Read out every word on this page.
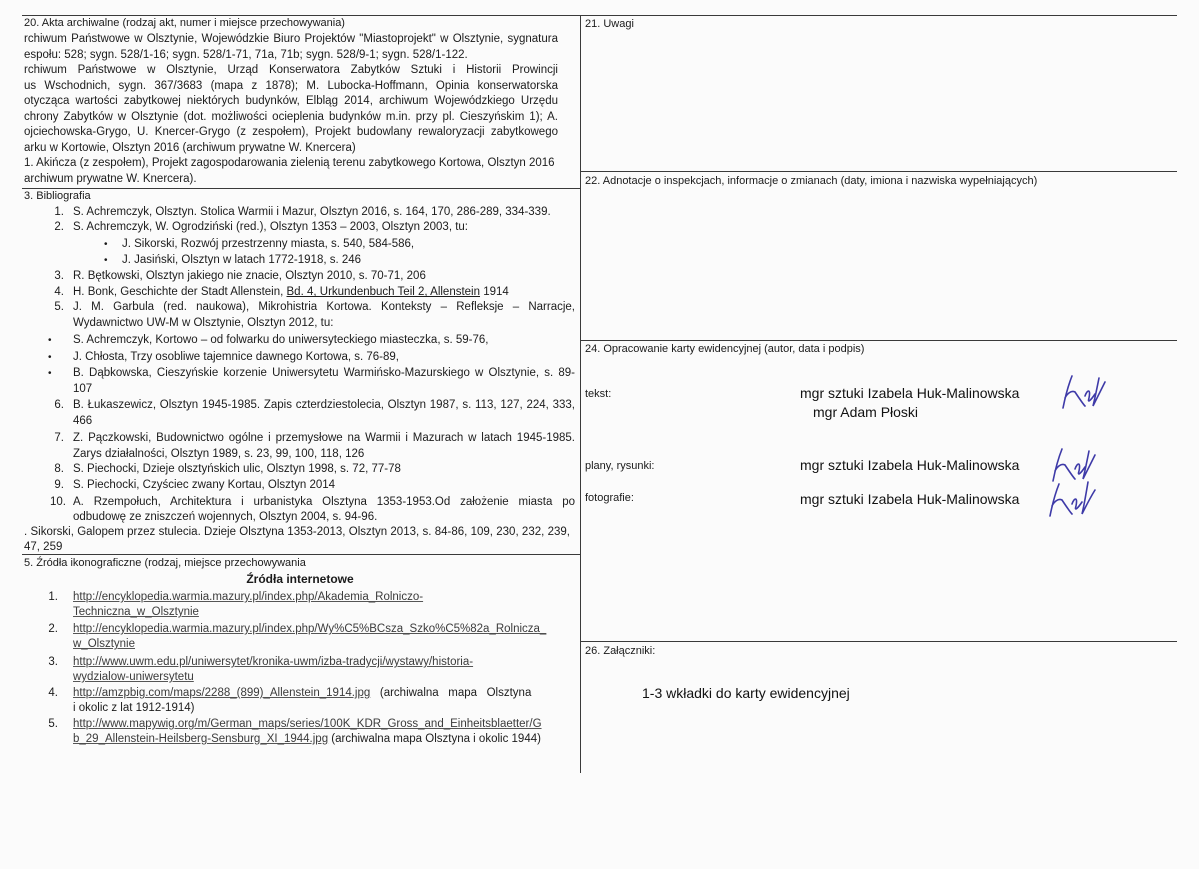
20. Akta archiwalne (rodzaj akt, numer i miejsce przechowywania)
rchiwum Państwowe w Olsztynie, Wojewódzkie Biuro Projektów "Miastoprojekt" w Olsztynie, sygnatura
espołu: 528; sygn. 528/1-16; sygn. 528/1-71, 71a, 71b; sygn. 528/9-1; sygn. 528/1-122.
rchiwum Państwowe w Olsztynie, Urząd Konserwatora Zabytków Sztuki i Historii Prowincji
us Wschodnich, sygn. 367/3683 (mapa z 1878); M. Lubocka-Hoffmann, Opinia konserwatorska
otycząca wartości zabytkowej niektórych budynków, Elbląg 2014, archiwum Wojewódzkiego Urzędu
chrony Zabytków w Olsztynie (dot. możliwości ocieplenia budynków m.in. przy pl. Cieszyńskim 1); A.
ojciechowska-Grygo, U. Knercer-Grygo (z zespołem), Projekt budowlany rewaloryzacji zabytkowego
arku w Kortowie, Olsztyn 2016 (archiwum prywatne W. Knercera)
1. Akińcza (z zespołem), Projekt zagospodarowania zielenią terenu zabytkowego Kortowa, Olsztyn 2016
archiwum prywatne W. Knercera).
3. Bibliografia
1. S. Achremczyk, Olsztyn. Stolica Warmii i Mazur, Olsztyn 2016, s. 164, 170, 286-289, 334-339.
2. S. Achremczyk, W. Ogrodziński (red.), Olsztyn 1353 – 2003, Olsztyn 2003, tu:
• J. Sikorski, Rozwój przestrzenny miasta, s. 540, 584-586,
• J. Jasiński, Olsztyn w latach 1772-1918, s. 246
3. R. Bętkowski, Olsztyn jakiego nie znacie, Olsztyn 2010, s. 70-71, 206
4. H. Bonk, Geschichte der Stadt Allenstein, Bd. 4, Urkundenbuch Teil 2, Allenstein 1914
5. J. M. Garbula (red. naukowa), Mikrohistria Kortowa. Konteksty – Refleksje – Narracje,
Wydawnictwo UW-M w Olsztynie, Olsztyn 2012, tu:
• S. Achremczyk, Kortowo – od folwarku do uniwersyteckiego miasteczka, s. 59-76,
• J. Chłosta, Trzy osobliwe tajemnice dawnego Kortowa, s. 76-89,
• B. Dąbkowska, Cieszyńskie korzenie Uniwersytetu Warmińsko-Mazurskiego w Olsztynie, s. 89-
107
6. B. Łukaszewicz, Olsztyn 1945-1985. Zapis czterdziestolecia, Olsztyn 1987, s. 113, 127, 224, 333,
466
7. Z. Pączkowski, Budownictwo ogólne i przemysłowe na Warmii i Mazurach w latach 1945-1985.
Zarys działalności, Olsztyn 1989, s. 23, 99, 100, 118, 126
8. S. Piechocki, Dzieje olsztyńskich ulic, Olsztyn 1998, s. 72, 77-78
9. S. Piechocki, Czyściec zwany Kortau, Olsztyn 2014
10. A. Rzempołuch, Architektura i urbanistyka Olsztyna 1353-1953.Od założenie miasta po
odbudowę ze zniszczeń wojennych, Olsztyn 2004, s. 94-96.
. Sikorski, Galopem przez stulecia. Dzieje Olsztyna 1353-2013, Olsztyn 2013, s. 84-86, 109, 230, 232, 239,
47, 259
5. Źródła ikonograficzne (rodzaj, miejsce przechowywania
Źródła internetowe
1. http://encyklopedia.warmia.mazury.pl/index.php/Akademia_Rolniczo-
Techniczna_w_Olsztynie
2. http://encyklopedia.warmia.mazury.pl/index.php/Wy%C5%BCsza_Szko%C5%82a_Rolnicza_
w_Olsztynie
3. http://www.uwm.edu.pl/uniwersytet/kronika-uwm/izba-tradycji/wystawy/historia-
wydzialow-uniwersytetu
4. http://amzpbig.com/maps/2288_(899)_Allenstein_1914.jpg   (archiwalna   mapa   Olsztyna
i okolic z lat 1912-1914)
5. http://www.mapywig.org/m/German_maps/series/100K_KDR_Gross_and_Einheitsblaetter/G
b_29_Allenstein-Heilsberg-Sensburg_XI_1944.jpg (archiwalna mapa Olsztyna i okolic 1944)
21. Uwagi
22. Adnotacje o inspekcjach, informacje o zmianach (daty, imiona i nazwiska wypełniających)
24. Opracowanie karty ewidencyjnej (autor, data i podpis)
tekst:	mgr sztuki Izabela Huk-Malinowska
mgr Adam Płoski
plany, rysunki:	mgr sztuki Izabela Huk-Malinowska
fotografie:	mgr sztuki Izabela Huk-Malinowska
26. Załączniki:
1-3 wkładki do karty ewidencyjnej
